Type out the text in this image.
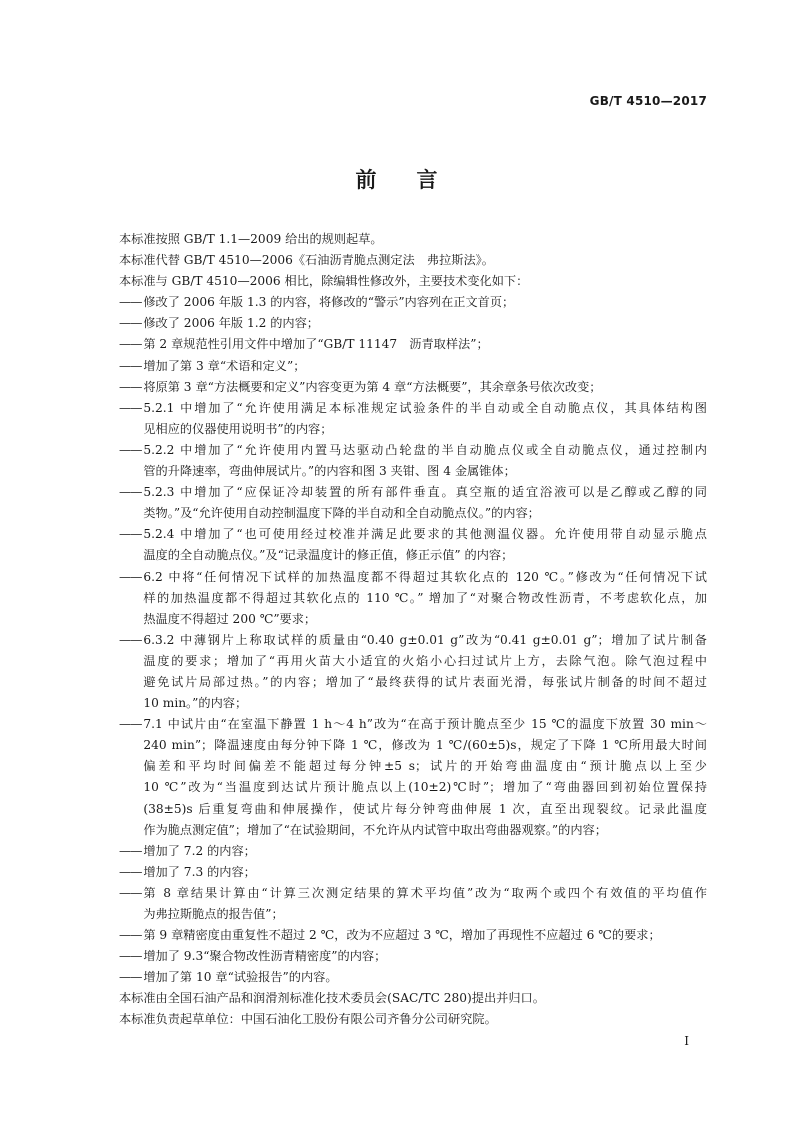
GB/T 4510—2017
前言
本标准按照 GB/T 1.1—2009 给出的规则起草。
本标准代替 GB/T 4510—2006《石油沥青脆点测定法　弗拉斯法》。
本标准与 GB/T 4510—2006 相比，除编辑性修改外，主要技术变化如下：
—— 修改了 2006 年版 1.3 的内容，将修改的“警示”内容列在正文首页；
—— 修改了 2006 年版 1.2 的内容；
—— 第 2 章规范性引用文件中增加了“GB/T 11147　沥青取样法”；
—— 增加了第 3 章“术语和定义”；
—— 将原第 3 章“方法概要和定义”内容变更为第 4 章“方法概要”，其余章条号依次改变；
—— 5.2.1 中增加了“允许使用满足本标准规定试验条件的半自动或全自动脆点仪，其具体结构图
见相应的仪器使用说明书”的内容；
—— 5.2.2 中增加了“允许使用内置马达驱动凸轮盘的半自动脆点仪或全自动脆点仪，通过控制内
管的升降速率，弯曲伸展试片。”的内容和图 3 夹钳、图 4 金属锥体；
—— 5.2.3 中增加了“应保证冷却装置的所有部件垂直。真空瓶的适宜浴液可以是乙醇或乙醇的同
类物。”及“允许使用自动控制温度下降的半自动和全自动脆点仪。”的内容；
—— 5.2.4 中增加了“也可使用经过校准并满足此要求的其他测温仪器。允许使用带自动显示脆点
温度的全自动脆点仪。”及“记录温度计的修正值，修正示值” 的内容；
—— 6.2 中将“任何情况下试样的加热温度都不得超过其软化点的 120 ℃。”修改为“任何情况下试
样的加热温度都不得超过其软化点的 110 ℃。” 增加了“对聚合物改性沥青，不考虑软化点，加
热温度不得超过 200 ℃”要求；
—— 6.3.2 中薄钢片上称取试样的质量由“0.40 g±0.01 g”改为“0.41 g±0.01 g”；增加了试片制备
温度的要求；增加了“再用火苗大小适宜的火焰小心扫过试片上方，去除气泡。除气泡过程中
避免试片局部过热。”的内容；增加了“最终获得的试片表面光滑，每张试片制备的时间不超过
10 min。”的内容；
—— 7.1 中试片由“在室温下静置 1 h～4 h”改为“在高于预计脆点至少 15 ℃的温度下放置 30 min～
240 min”；降温速度由每分钟下降 1 ℃，修改为 1 ℃/(60±5)s，规定了下降 1 ℃所用最大时间
偏差和平均时间偏差不能超过每分钟±5 s；试片的开始弯曲温度由“预计脆点以上至少
10 ℃”改为“当温度到达试片预计脆点以上(10±2)℃时”；增加了“弯曲器回到初始位置保持
(38±5)s 后重复弯曲和伸展操作，使试片每分钟弯曲伸展 1 次，直至出现裂纹。记录此温度
作为脆点测定值”；增加了“在试验期间，不允许从内试管中取出弯曲器观察。”的内容；
—— 增加了 7.2 的内容；
—— 增加了 7.3 的内容；
—— 第 8 章结果计算由“计算三次测定结果的算术平均值”改为“取两个或四个有效值的平均值作
为弗拉斯脆点的报告值”；
—— 第 9 章精密度由重复性不超过 2 ℃，改为不应超过 3 ℃，增加了再现性不应超过 6 ℃的要求；
—— 增加了 9.3“聚合物改性沥青精密度”的内容；
—— 增加了第 10 章“试验报告”的内容。
本标准由全国石油产品和润滑剂标准化技术委员会(SAC/TC 280)提出并归口。
本标准负责起草单位：中国石油化工股份有限公司齐鲁分公司研究院。
I
